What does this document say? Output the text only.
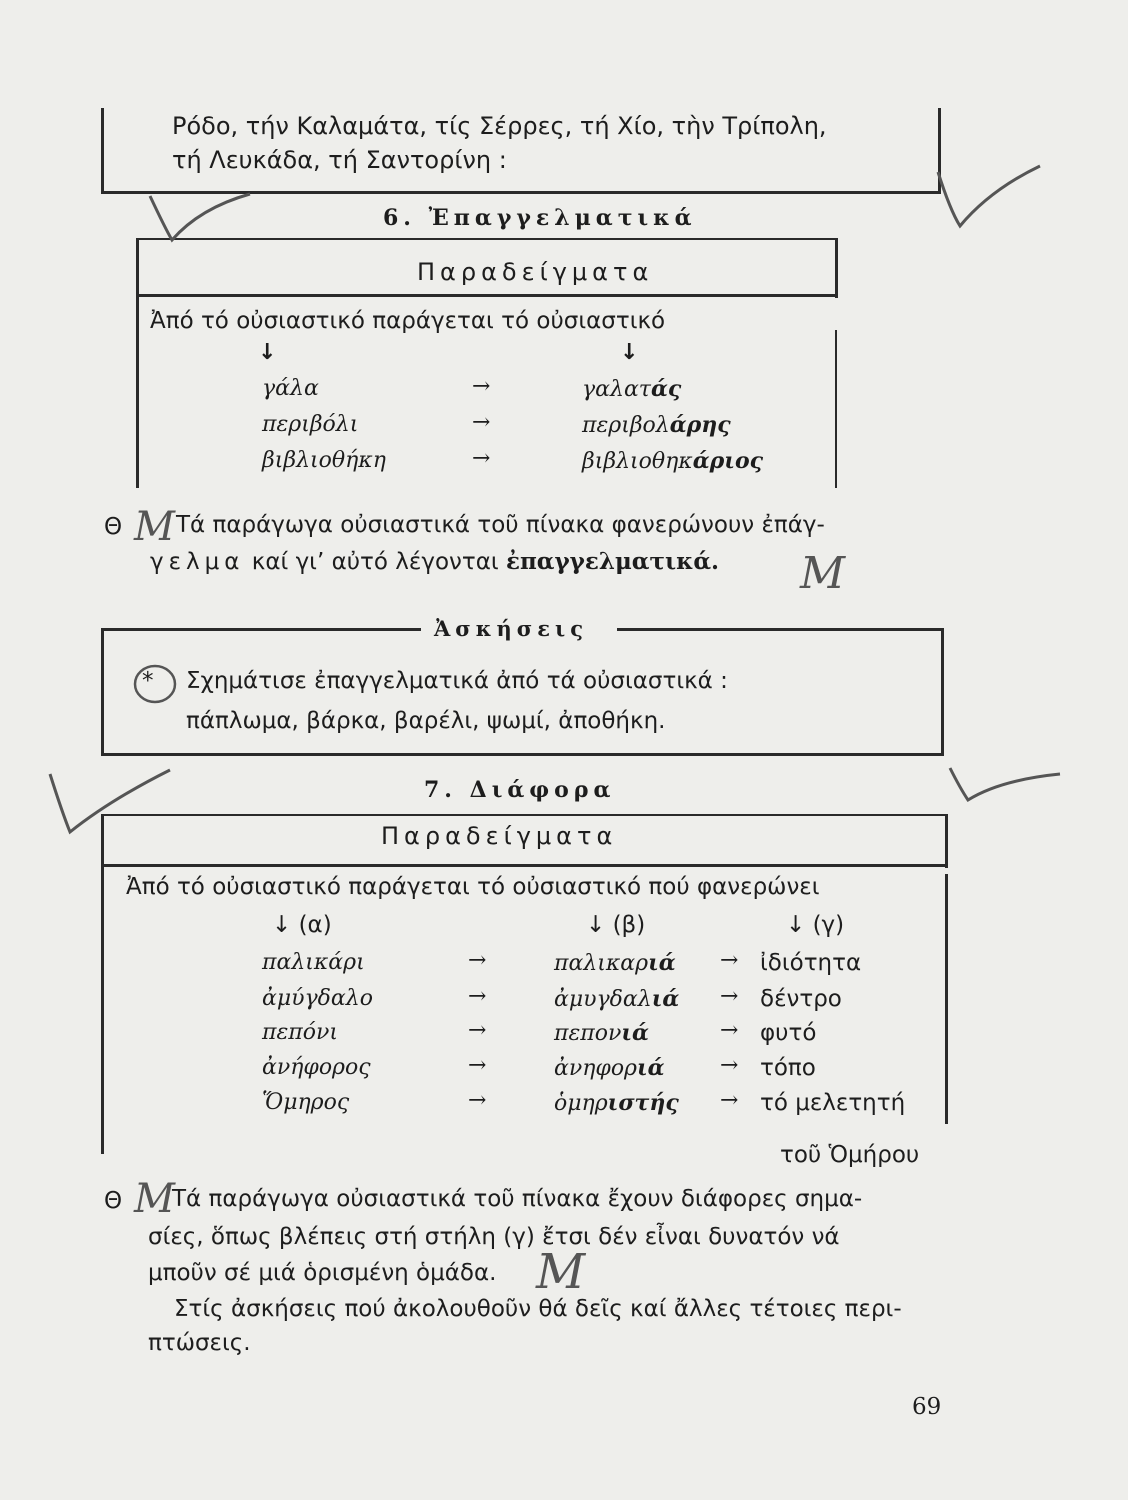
Ρόδο, τήν Καλαμάτα, τίς Σέρρες, τή Χίο, τὴν Τρίπολη,
τή Λευκάδα, τή Σαντορίνη :
6. Ἐπαγγελματικά
Παραδείγματα
Ἀπό τό οὐσιαστικό παράγεται τό οὐσιαστικό
↓	↓
γάλα	→	γαλατάς
περιβόλι	→	περιβολάρης
βιβλιοθήκη	→	βιβλιοθηκάριος
Θ Τά παράγωγα οὐσιαστικά τοῦ πίνακα φανερώνουν ἐπάγ-
γελμα καί γι’ αὐτό λέγονται ἐπαγγελματικά.
Ἀσκήσεις
* Σχημάτισε ἐπαγγελματικά ἀπό τά οὐσιαστικά :
πάπλωμα, βάρκα, βαρέλι, ψωμί, ἀποθήκη.
7. Διάφορα
Παραδείγματα
Ἀπό τό οὐσιαστικό παράγεται τό οὐσιαστικό πού φανερώνει
↓ (α)	↓ (β)	↓ (γ)
παλικάρι	→	παλικαριά → ἰδιότητα
ἀμύγδαλο	→	ἀμυγδαλιά → δέντρο
πεπόνι	→	πεπονιά	→ φυτό
ἀνήφορος	→	ἀνηφοριά	→ τόπο
Ὅμηρος	→	ὁμηριστής → τό μελετητή
τοῦ Ὁμήρου
Θ Τά παράγωγα οὐσιαστικά τοῦ πίνακα ἔχουν διάφορες σημα-
σίες, ὅπως βλέπεις στή στήλη (γ) ἔτσι δέν εἶναι δυνατόν νά
μποῦν σέ μιά ὁρισμένη ὁμάδα.
Στίς ἀσκήσεις πού ἀκολουθοῦν θά δεῖς καί ἄλλες τέτοιες περι-
πτώσεις.
69
M
M
M
M
